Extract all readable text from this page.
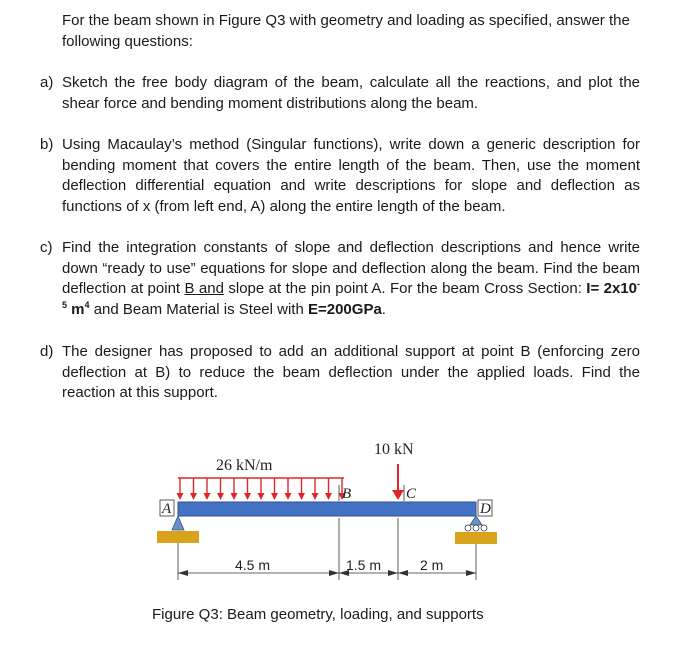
For the beam shown in Figure Q3 with geometry and loading as specified, answer the following questions:
a) Sketch the free body diagram of the beam, calculate all the reactions, and plot the shear force and bending moment distributions along the beam.
b) Using Macaulay’s method (Singular functions), write down a generic description for bending moment that covers the entire length of the beam. Then, use the moment deflection differential equation and write descriptions for slope and deflection as functions of x (from left end, A) along the entire length of the beam.
c) Find the integration constants of slope and deflection descriptions and hence write down “ready to use” equations for slope and deflection along the beam. Find the beam deflection at point B and slope at the pin point A. For the beam Cross Section: $I= 2x10^{-5}$ $m^4$ and Beam Material is Steel with E=200GPa.
d) The designer has proposed to add an additional support at point B (enforcing zero deflection at B) to reduce the beam deflection under the applied loads. Find the reaction at this support.
26 kN/m
10 kN
A
B	C
D
4.5 m	1.5 m	2 m
Figure Q3: Beam geometry, loading, and supports
